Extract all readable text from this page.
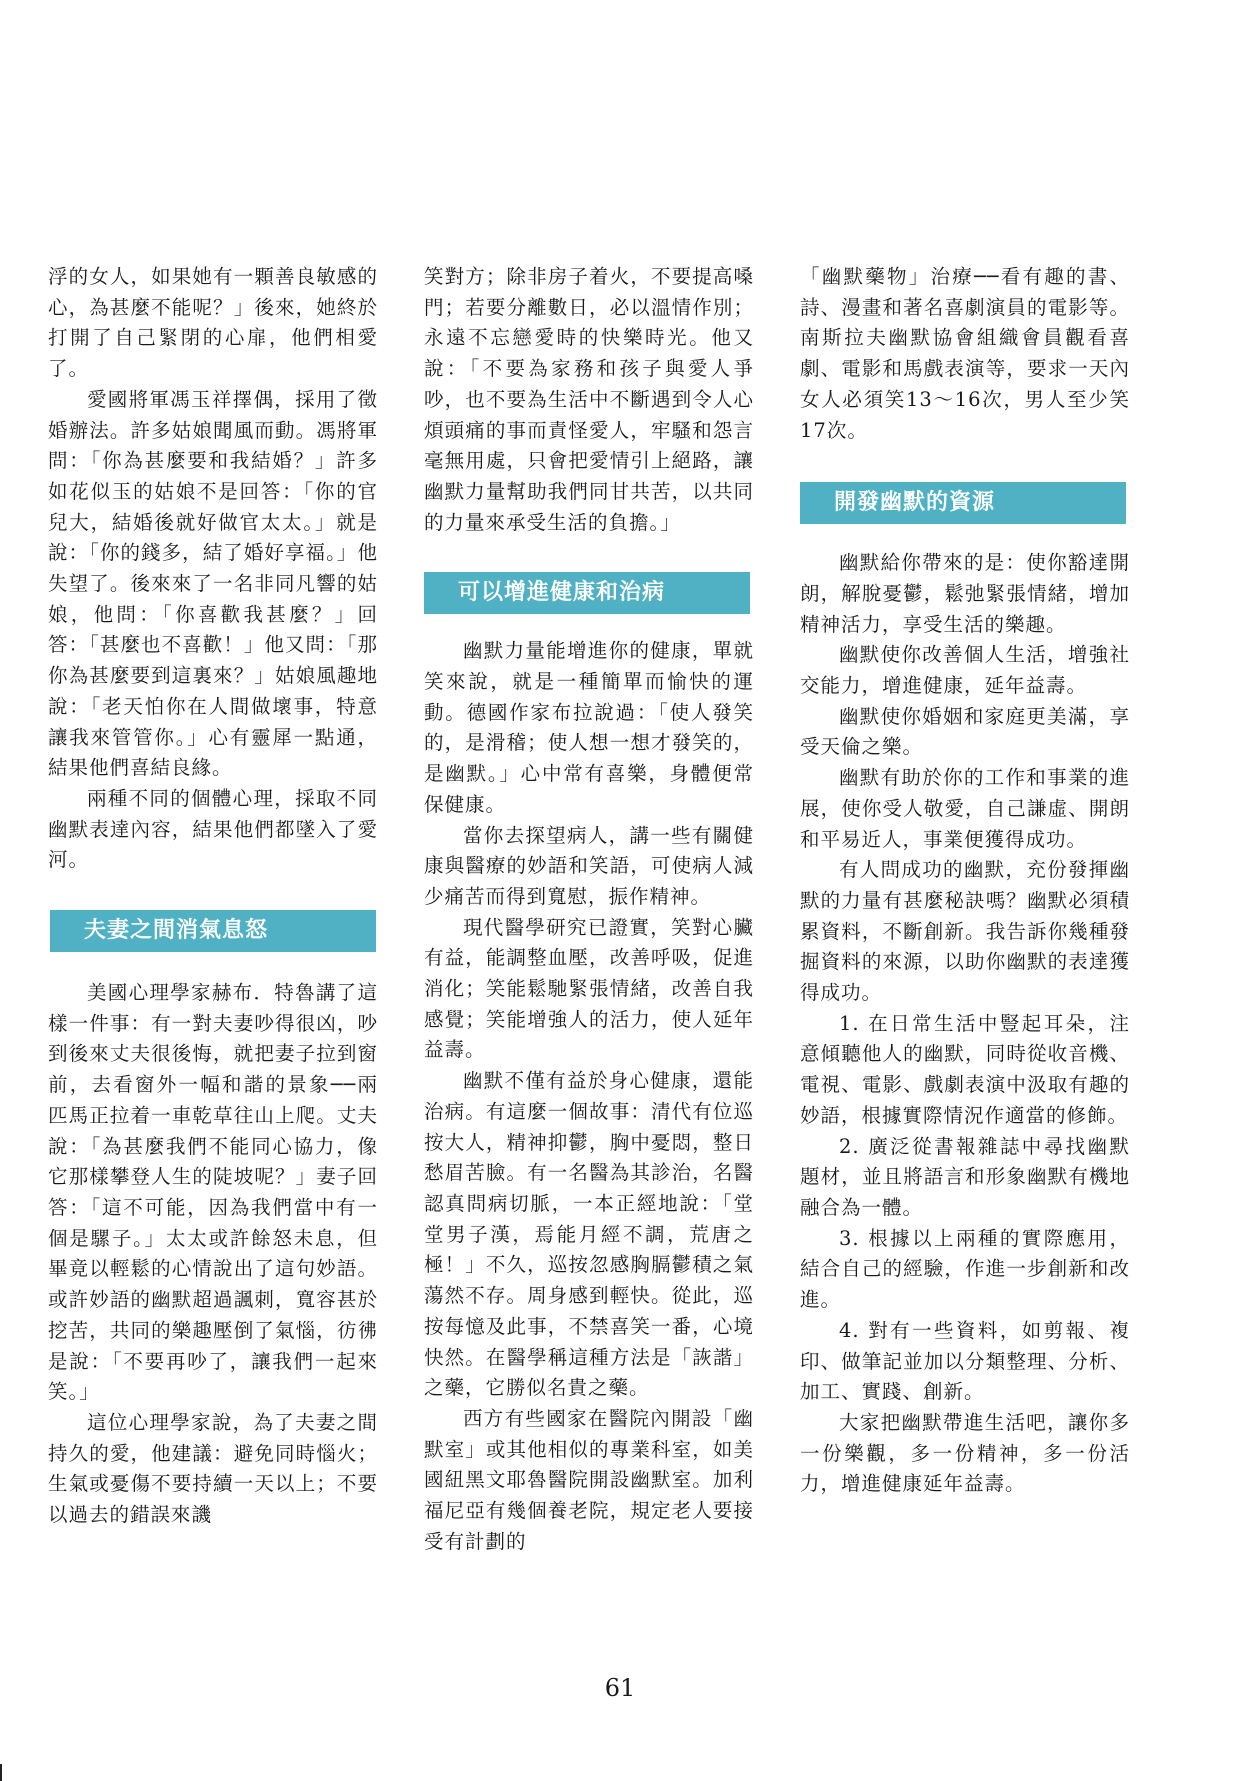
浮的女人，如果她有一顆善良敏感的心，為甚麼不能呢？」後來，她終於打開了自己緊閉的心扉，他們相愛了。

愛國將軍馮玉祥擇偶，採用了徵婚辦法。許多姑娘聞風而動。馮將軍問：「你為甚麼要和我結婚？」許多如花似玉的姑娘不是回答：「你的官兒大，結婚後就好做官太太。」就是說：「你的錢多，結了婚好享福。」他失望了。後來來了一名非同凡響的姑娘，他問：「你喜歡我甚麼？」回答：「甚麼也不喜歡！」他又問：「那你為甚麼要到這裏來？」姑娘風趣地說：「老天怕你在人間做壞事，特意讓我來管管你。」心有靈犀一點通，結果他們喜結良緣。

兩種不同的個體心理，採取不同幽默表達內容，結果他們都墜入了愛河。

夫妻之間消氣息怒

美國心理學家赫布．特魯講了這樣一件事：有一對夫妻吵得很凶，吵到後來丈夫很後悔，就把妻子拉到窗前，去看窗外一幅和諧的景象──兩匹馬正拉着一車乾草往山上爬。丈夫說：「為甚麼我們不能同心協力，像它那樣攀登人生的陡坡呢？」妻子回答：「這不可能，因為我們當中有一個是騾子。」太太或許餘怒未息，但畢竟以輕鬆的心情說出了這句妙語。或許妙語的幽默超過諷刺，寬容甚於挖苦，共同的樂趣壓倒了氣惱，彷彿是說：「不要再吵了，讓我們一起來笑。」

這位心理學家說，為了夫妻之間持久的愛，他建議：避免同時惱火；生氣或憂傷不要持續一天以上；不要以過去的錯誤來譏

笑對方；除非房子着火，不要提高嗓門；若要分離數日，必以溫情作別；永遠不忘戀愛時的快樂時光。他又說：「不要為家務和孩子與愛人爭吵，也不要為生活中不斷遇到令人心煩頭痛的事而責怪愛人，牢騷和怨言毫無用處，只會把愛情引上絕路，讓幽默力量幫助我們同甘共苦，以共同的力量來承受生活的負擔。」

可以增進健康和治病

幽默力量能增進你的健康，單就笑來說，就是一種簡單而愉快的運動。德國作家布拉說過：「使人發笑的，是滑稽；使人想一想才發笑的，是幽默。」心中常有喜樂，身體便常保健康。

當你去探望病人，講一些有關健康與醫療的妙語和笑語，可使病人減少痛苦而得到寬慰，振作精神。

現代醫學研究已證實，笑對心臟有益，能調整血壓，改善呼吸，促進消化；笑能鬆馳緊張情緒，改善自我感覺；笑能增強人的活力，使人延年益壽。

幽默不僅有益於身心健康，還能治病。有這麼一個故事：清代有位巡按大人，精神抑鬱，胸中憂悶，整日愁眉苦臉。有一名醫為其診治，名醫認真問病切脈，一本正經地說：「堂堂男子漢，焉能月經不調，荒唐之極！」不久，巡按忽感胸膈鬱積之氣蕩然不存。周身感到輕快。從此，巡按每憶及此事，不禁喜笑一番，心境快然。在醫學稱這種方法是「詼諧」之藥，它勝似名貴之藥。

西方有些國家在醫院內開設「幽默室」或其他相似的專業科室，如美國紐黑文耶魯醫院開設幽默室。加利福尼亞有幾個養老院，規定老人要接受有計劃的

「幽默藥物」治療──看有趣的書、詩、漫畫和著名喜劇演員的電影等。南斯拉夫幽默協會組織會員觀看喜劇、電影和馬戲表演等，要求一天內女人必須笑13～16次，男人至少笑17次。

開發幽默的資源

幽默給你帶來的是：使你豁達開朗，解脫憂鬱，鬆弛緊張情緒，增加精神活力，享受生活的樂趣。

幽默使你改善個人生活，增強社交能力，增進健康，延年益壽。

幽默使你婚姻和家庭更美滿，享受天倫之樂。

幽默有助於你的工作和事業的進展，使你受人敬愛，自己謙虛、開朗和平易近人，事業便獲得成功。

有人問成功的幽默，充份發揮幽默的力量有甚麼秘訣嗎？幽默必須積累資料，不斷創新。我告訴你幾種發掘資料的來源，以助你幽默的表達獲得成功。

1. 在日常生活中豎起耳朵，注意傾聽他人的幽默，同時從收音機、電視、電影、戲劇表演中汲取有趣的妙語，根據實際情況作適當的修飾。

2. 廣泛從書報雜誌中尋找幽默題材，並且將語言和形象幽默有機地融合為一體。

3. 根據以上兩種的實際應用，結合自己的經驗，作進一步創新和改進。

4. 對有一些資料，如剪報、複印、做筆記並加以分類整理、分析、加工、實踐、創新。

大家把幽默帶進生活吧，讓你多一份樂觀，多一份精神，多一份活力，增進健康延年益壽。

61
